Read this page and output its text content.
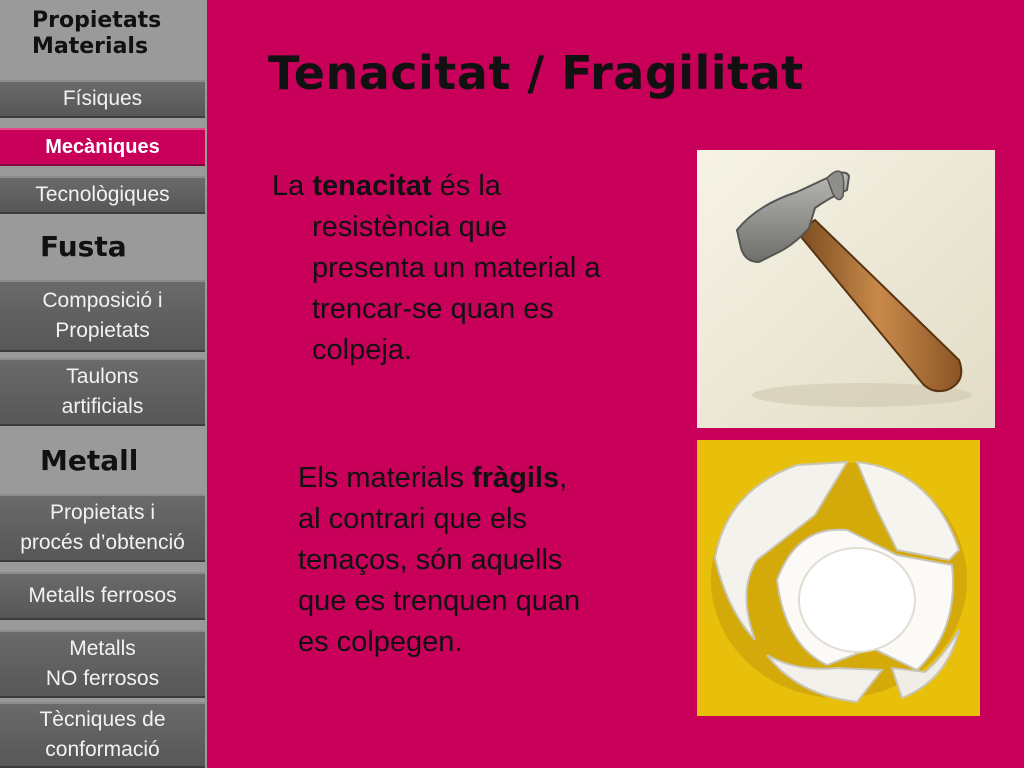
Propietats
Materials
Físiques
Mecàniques
Tecnològiques
Fusta
Composició i
Propietats
Taulons
artificials
Metall
Propietats i
procés d’obtenció
Metalls ferrosos
Metalls
NO ferrosos
Tècniques de
conformació
Tenacitat / Fragilitat
La tenacitat és la
resistència que
presenta un material a
trencar-se quan es
colpeja.
Els materials fràgils,
al contrari que els
tenaços, són aquells
que es trenquen quan
es colpegen.
